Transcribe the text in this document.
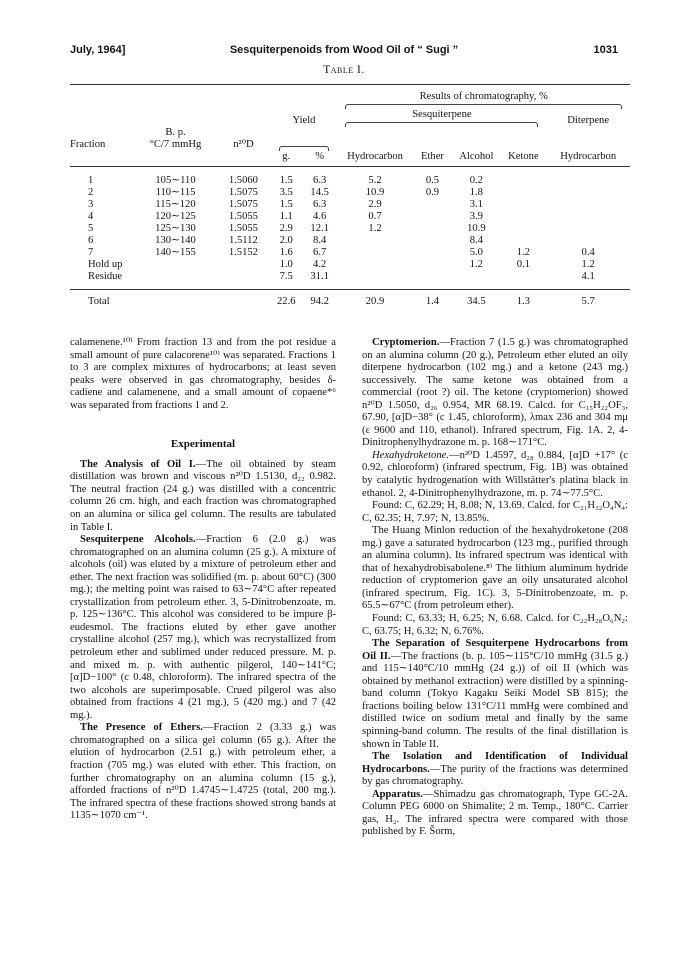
July, 1964]	Sesquiterpenoids from Wood Oil of “ Sugi ”	1031
Table I.
					Results of chromatography, %				

			Yield		Sesquiterpene				Diterpene
Fraction	B. p.
°C/7 mmHg	n²⁰D		

			g.	%	Hydrocarbon	Ether	Alcohol	Ketone	Hydrocarbon
1	105∼110	1.5060	1.5	6.3	5.2	0.5	0.2		
2	110∼115	1.5075	3.5	14.5	10.9	0.9	1.8		
3	115∼120	1.5075	1.5	6.3	2.9		3.1		
4	120∼125	1.5055	1.1	4.6	0.7		3.9		
5	125∼130	1.5055	2.9	12.1	1.2		10.9		
6	130∼140	1.5112	2.0	8.4			8.4		
7	140∼155	1.5152	1.6	6.7			5.0	1.2	0.4
Hold up			1.0	4.2			1.2	0.1	1.2
Residue			7.5	31.1					4.1
Total			22.6	94.2	20.9	1.4	34.5	1.3	5.7

calamenene.¹⁰⁾ From fraction 13 and from the pot residue a small amount of pure calacorene¹⁰⁾ was separated. Fractions 1 to 3 are complex mixtures of hydrocarbons; at least seven peaks were observed in gas chromatography, besides δ-cadiene and calamenene, and a small amount of copaene*⁶ was separated from fractions 1 and 2.

Experimental

The Analysis of Oil I.—The oil obtained by steam distillation was brown and viscous n²⁰D 1.5130, d₂₂ 0.982. The neutral fraction (24 g.) was distilled with a concentric column 26 cm. high, and each fraction was chromatographed on an alumina or silica gel column. The results are tabulated in Table I.

Sesquiterpene Alcohols.—Fraction 6 (2.0 g.) was chromatographed on an alumina column (25 g.). A mixture of alcohols (oil) was eluted by a mixture of petroleum ether and ether. The next fraction was solidified (m. p. about 60°C) (300 mg.); the melting point was raised to 63∼74°C after repeated crystallization from petroleum ether. 3, 5-Dinitrobenzoate, m. p. 125∼136°C. This alcohol was considered to be impure β-eudesmol. The fractions eluted by ether gave another crystalline alcohol (257 mg.), which was recrystallized from petroleum ether and sublimed under reduced pressure. M. p. and mixed m. p. with authentic pilgerol, 140∼141°C; [α]D−100° (c 0.48, chloroform). The infrared spectra of the two alcohols are superimposable. Crued pilgerol was also obtained from fractions 4 (21 mg.), 5 (420 mg.) and 7 (42 mg.).

The Presence of Ethers.—Fraction 2 (3.33 g.) was chromatographed on a silica gel column (65 g.). After the elution of hydrocarbon (2.51 g.) with petroleum ether, a fraction (705 mg.) was eluted with ether. This fraction, on further chromatography on an alumina column (15 g.), afforded fractions of n²⁰D 1.4745∼1.4725 (total, 200 mg.). The infrared spectra of these fractions showed strong bands at 1135∼1070 cm⁻¹.

Cryptomerion.—Fraction 7 (1.5 g.) was chromatographed on an alumina column (20 g.), Petroleum ether eluted an oily diterpene hydrocarbon (102 mg.) and a ketone (243 mg.) successively. The same ketone was obtained from a commercial (root ?) oil. The ketone (cryptomerion) showed n²⁰D 1.5050, d₂₆ 0.954, MR 68.19. Calcd. for C₁₅H₂₂OF₃, 67.90, [α]D−38° (c 1.45, chloroform), λmax 236 and 304 mμ (ε 9600 and 110, ethanol). Infrared spectrum, Fig. 1A. 2, 4-Dinitrophenylhydrazone m. p. 168∼171°C.

Hexahydroketone.—n²⁰D 1.4597, d₂₈ 0.884, [α]D +17° (c 0.92, chloroform) (infrared spectrum, Fig. 1B) was obtained by catalytic hydrogenation with Willstätter's platina black in ethanol. 2, 4-Dinitrophenylhydrazone, m. p. 74∼77.5°C.

Found: C, 62.29; H, 8.08; N, 13.69. Calcd. for C₂₁H₃₂O₄N₄: C, 62.35; H, 7.97; N, 13.85%.

The Huang Minlon reduction of the hexahydroketone (208 mg.) gave a saturated hydrocarbon (123 mg., purified through an alumina column). Its infrared spectrum was identical with that of hexahydrobisabolene.⁸⁾ The lithium aluminum hydride reduction of cryptomerion gave an oily unsaturated alcohol (infrared spectrum, Fig. 1C). 3, 5-Dinitrobenzoate, m. p. 65.5∼67°C (from petroleum ether).

Found: C, 63.33; H, 6.25; N, 6.68. Calcd. for C₂₂H₂₈O₆N₂: C, 63.75; H, 6.32; N, 6.76%.

The Separation of Sesquiterpene Hydrocarbons from Oil II.—The fractions (b. p. 105∼115°C/10 mmHg (31.5 g.) and 115∼140°C/10 mmHg (24 g.)) of oil II (which was obtained by methanol extraction) were distilled by a spinning-band column (Tokyo Kagaku Seiki Model SB 815); the fractions boiling below 131°C/11 mmHg were combined and distilled twice on sodium metal and finally by the same spinning-band column. The results of the final distillation is shown in Table II.

The Isolation and Identification of Individual Hydrocarbons.—The purity of the fractions was determined by gas chromatography.

Apparatus.—Shimadzu gas chromatograph, Type GC-2A. Column PEG 6000 on Shimalite; 2 m. Temp., 180°C. Carrier gas, H₂. The infrared spectra were compared with those published by F. Šorm,
